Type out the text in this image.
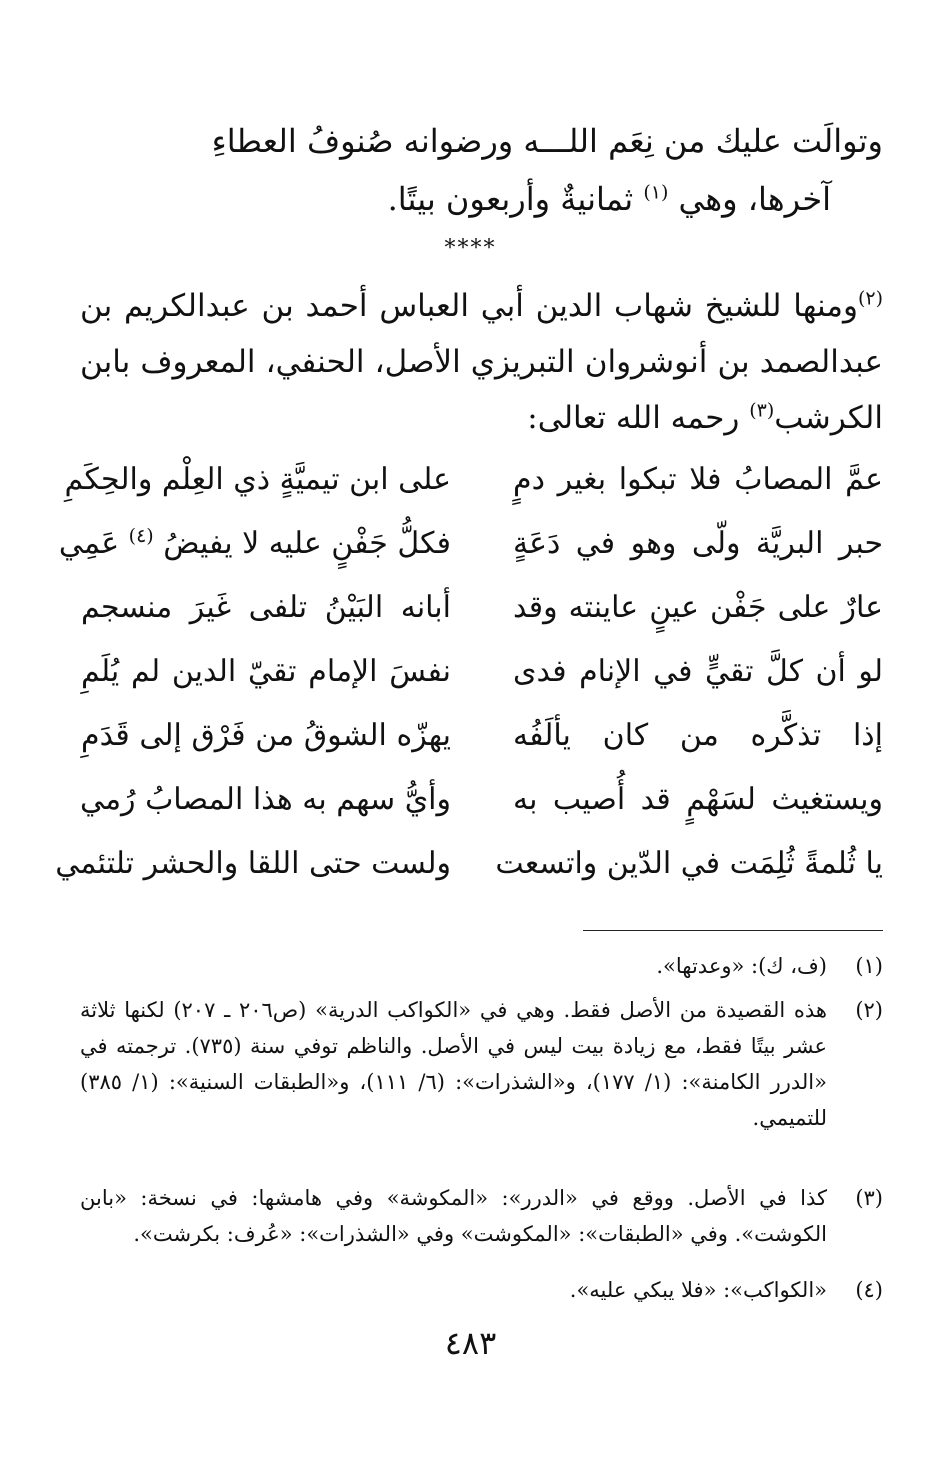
وتوالَت عليك من نِعَم اللـــه ورضوانه صُنوفُ العطاءِ
آخرها، وهي $^{(١)}$ ثمانيةٌ وأربعون بيتًا.
****
$^{(٢)}$ومنها للشيخ شهاب الدين أبي العباس أحمد بن عبدالكريم بن عبدالصمد بن أنوشروان التبريزي الأصل، الحنفي، المعروف بابن الكرشب$^{(٣)}$ رحمه الله تعالى:
عمَّ المصابُ فلا تبكوا بغير دمٍ
على ابن تيميَّةٍ ذي العِلْم والحِكَمِ
حبر البريَّة ولّى وهو في دَعَةٍ
فكلُّ جَفْنٍ عليه لا يفيضُ $^{(٤)}$ عَمِي
عارٌ على جَفْن عينٍ عاينته وقد
أبانه البَيْنُ تلفى غَيرَ منسجم
لو أن كلَّ تقيٍّ في الإنام فدى
نفسَ الإمام تقيّ الدين لم يُلَمِ
إذا تذكَّره من كان يألَفُه
يهزّه الشوقُ من فَرْق إلى قَدَمِ
ويستغيث لسَهْمٍ قد أُصيب به
وأيُّ سهم به هذا المصابُ رُمي
يا ثُلمةً ثُلِمَت في الدّين واتسعت
ولست حتى اللقا والحشر تلتئمي
(١)
(ف، ك): «وعدتها».
(٢)
هذه القصيدة من الأصل فقط. وهي في «الكواكب الدرية» (ص٢٠٦ ـ ٢٠٧) لكنها ثلاثة عشر بيتًا فقط، مع زيادة بيت ليس في الأصل. والناظم توفي سنة (٧٣٥). ترجمته في «الدرر الكامنة»: (١/ ١٧٧)، و«الشذرات»: (٦/ ١١١)، و«الطبقات السنية»: (١/ ٣٨٥) للتميمي.
(٣)
كذا في الأصل. ووقع في «الدرر»: «المكوشة» وفي هامشها: في نسخة: «بابن الكوشت». وفي «الطبقات»: «المكوشت» وفي «الشذرات»: «عُرف: بكرشت».
(٤)
«الكواكب»: «فلا يبكي عليه».
٤٨٣
